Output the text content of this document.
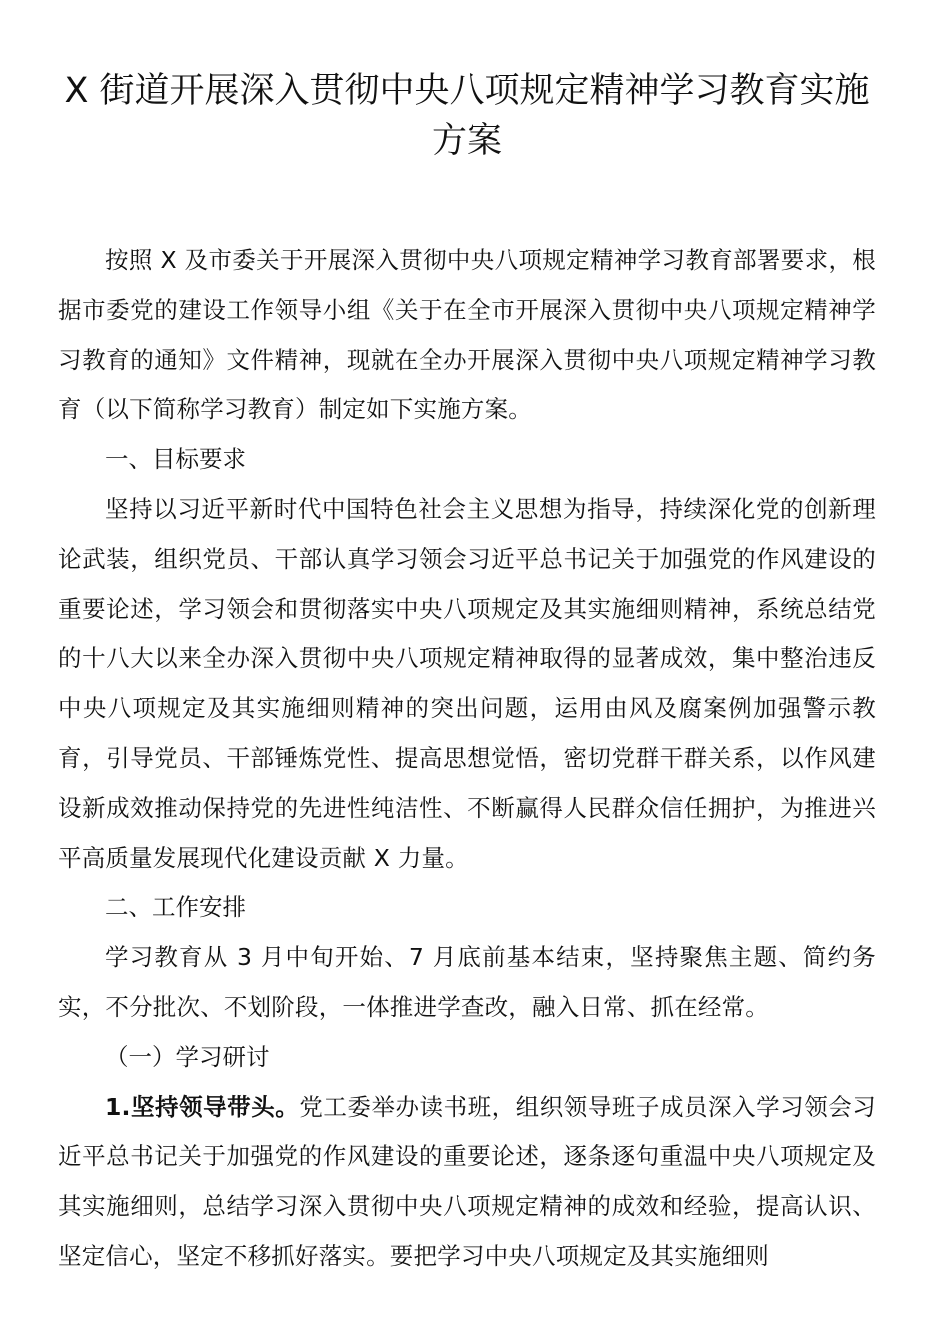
X 街道开展深入贯彻中央八项规定精神学习教育实施
方案

按照 X 及市委关于开展深入贯彻中央八项规定精神学习教育部署要求，根据市委党的建设工作领导小组《关于在全市开展深入贯彻中央八项规定精神学习教育的通知》文件精神，现就在全办开展深入贯彻中央八项规定精神学习教育（以下简称学习教育）制定如下实施方案。

一、目标要求

坚持以习近平新时代中国特色社会主义思想为指导，持续深化党的创新理论武装，组织党员、干部认真学习领会习近平总书记关于加强党的作风建设的重要论述，学习领会和贯彻落实中央八项规定及其实施细则精神，系统总结党的十八大以来全办深入贯彻中央八项规定精神取得的显著成效，集中整治违反中央八项规定及其实施细则精神的突出问题，运用由风及腐案例加强警示教育，引导党员、干部锤炼党性、提高思想觉悟，密切党群干群关系，以作风建设新成效推动保持党的先进性纯洁性、不断赢得人民群众信任拥护，为推进兴平高质量发展现代化建设贡献 X 力量。

二、工作安排

学习教育从 3 月中旬开始、7 月底前基本结束，坚持聚焦主题、简约务实，不分批次、不划阶段，一体推进学查改，融入日常、抓在经常。

（一）学习研讨

1.坚持领导带头。党工委举办读书班，组织领导班子成员深入学习领会习近平总书记关于加强党的作风建设的重要论述，逐条逐句重温中央八项规定及其实施细则，总结学习深入贯彻中央八项规定精神的成效和经验，提高认识、坚定信心，坚定不移抓好落实。要把学习中央八项规定及其实施细则
